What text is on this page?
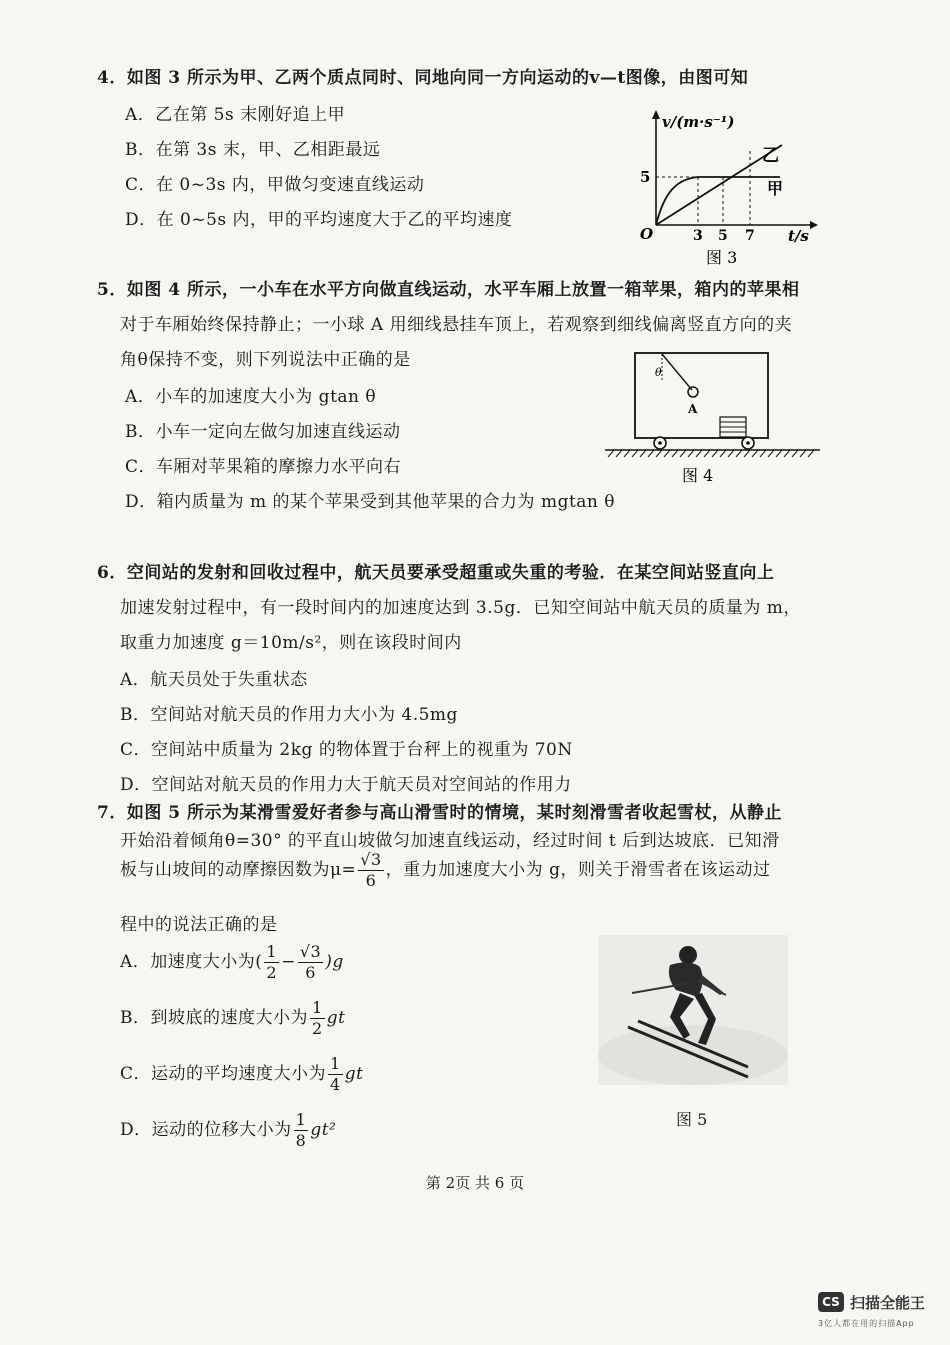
4．如图 3 所示为甲、乙两个质点同时、同地向同一方向运动的v—t图像，由图可知
A．乙在第 5s 末刚好追上甲
B．在第 3s 末，甲、乙相距最远
C．在 0~3s 内，甲做匀变速直线运动
D．在 0~5s 内，甲的平均速度大于乙的平均速度
v/(m·s⁻¹)
t/s
O
5
3 5 7
乙
甲
图 3
5．如图 4 所示，一小车在水平方向做直线运动，水平车厢上放置一箱苹果，箱内的苹果相
对于车厢始终保持静止；一小球 A 用细线悬挂车顶上，若观察到细线偏离竖直方向的夹
角θ保持不变，则下列说法中正确的是
A．小车的加速度大小为 gtan θ
B．小车一定向左做匀加速直线运动
C．车厢对苹果箱的摩擦力水平向右
D．箱内质量为 m 的某个苹果受到其他苹果的合力为 mgtan θ
θ
A
图 4
6．空间站的发射和回收过程中，航天员要承受超重或失重的考验．在某空间站竖直向上
加速发射过程中，有一段时间内的加速度达到 3.5g．已知空间站中航天员的质量为 m，
取重力加速度 g＝10m/s²，则在该段时间内
A．航天员处于失重状态
B．空间站对航天员的作用力大小为 4.5mg
C．空间站中质量为 2kg 的物体置于台秤上的视重为 70N
D．空间站对航天员的作用力大于航天员对空间站的作用力
7．如图 5 所示为某滑雪爱好者参与高山滑雪时的情境，某时刻滑雪者收起雪杖，从静止
开始沿着倾角θ=30° 的平直山坡做匀加速直线运动，经过时间 t 后到达坡底．已知滑
板与山坡间的动摩擦因数为$\mu= \frac{√3}{6}$ ，重力加速度大小为 g，则关于滑雪者在该运动过
程中的说法正确的是
A．加速度大小为( $\frac{1}{2} - \frac{√3}{6} )g$
B．到坡底的速度大小为 $\frac{1}{2}$ gt
C．运动的平均速度大小为 $\frac{1}{4}$ gt
D．运动的位移大小为 $\frac{1}{8} gt^2$
图 5
第 2页 共 6 页
CS 扫描全能王
3亿人都在用的扫描App
